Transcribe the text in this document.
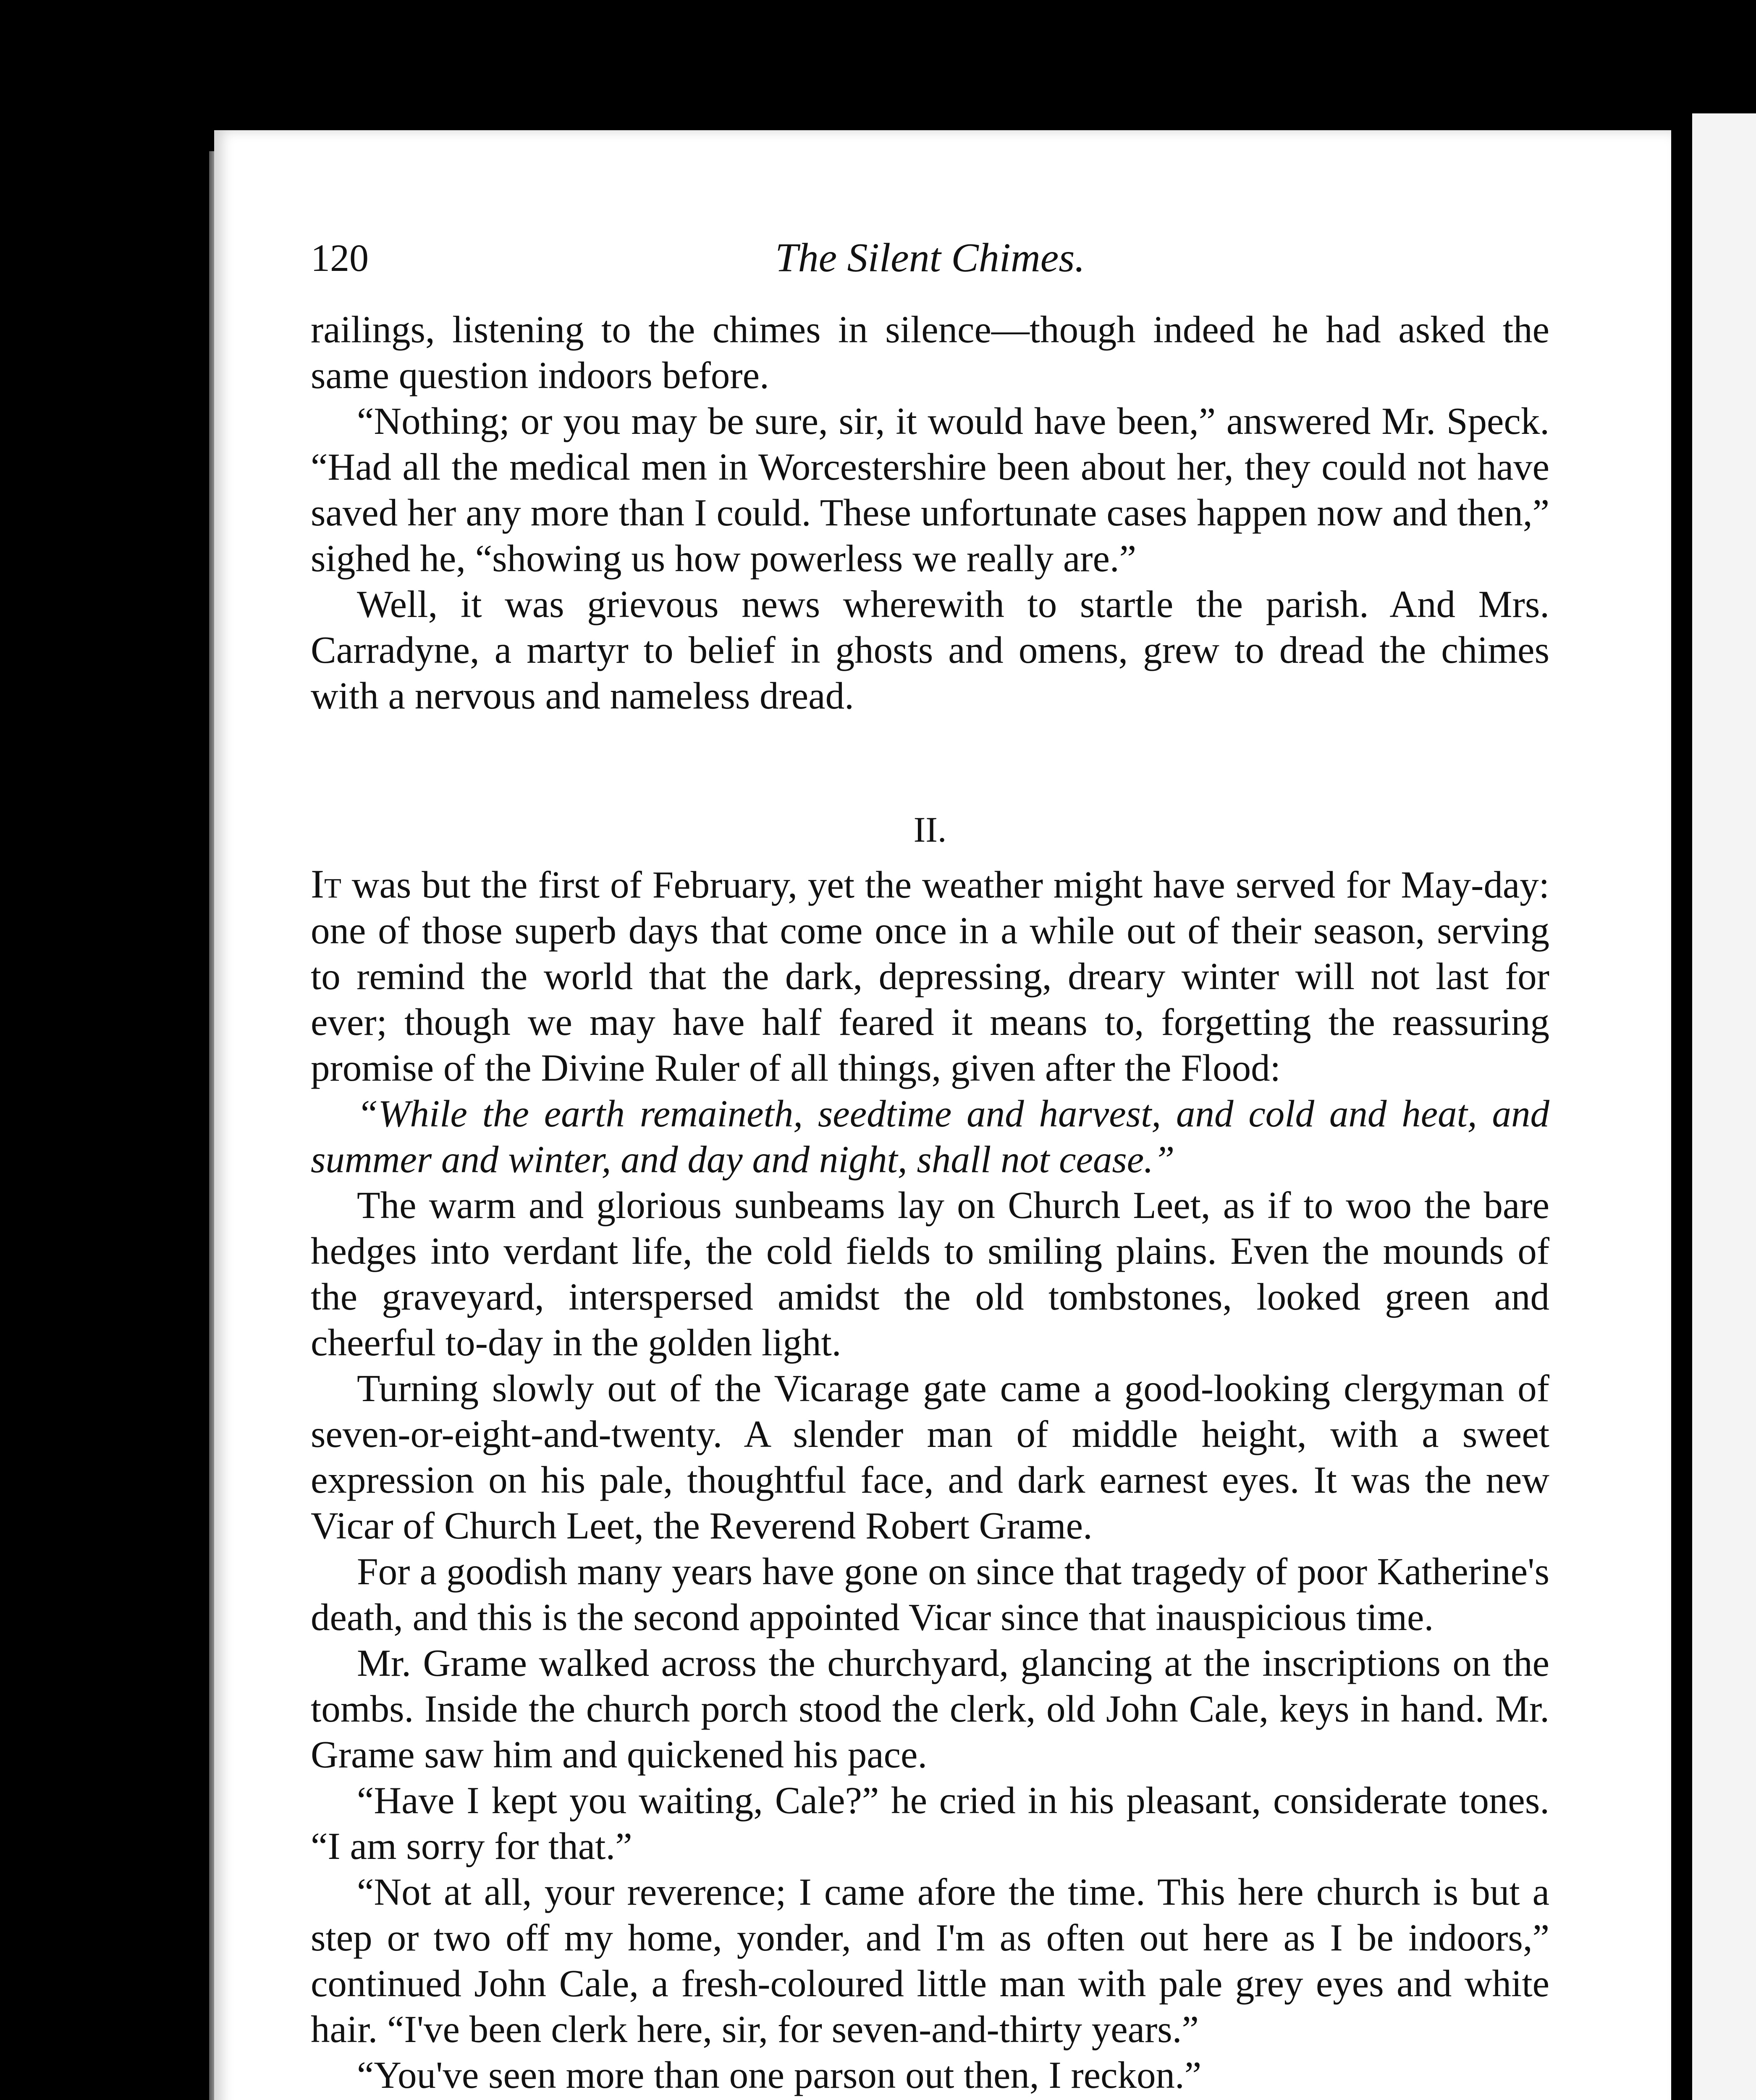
120	The Silent Chimes.

railings, listening to the chimes in silence—though indeed he had asked the same question indoors before.

“Nothing; or you may be sure, sir, it would have been,” answered Mr. Speck. “Had all the medical men in Worcestershire been about her, they could not have saved her any more than I could. These unfortunate cases happen now and then,” sighed he, “showing us how powerless we really are.”

Well, it was grievous news wherewith to startle the parish. And Mrs. Carradyne, a martyr to belief in ghosts and omens, grew to dread the chimes with a nervous and nameless dread.

II.

It was but the first of February, yet the weather might have served for May-day: one of those superb days that come once in a while out of their season, serving to remind the world that the dark, depressing, dreary winter will not last for ever; though we may have half feared it means to, forgetting the reassuring promise of the Divine Ruler of all things, given after the Flood:

“While the earth remaineth, seedtime and harvest, and cold and heat, and summer and winter, and day and night, shall not cease.”

The warm and glorious sunbeams lay on Church Leet, as if to woo the bare hedges into verdant life, the cold fields to smiling plains. Even the mounds of the graveyard, interspersed amidst the old tombstones, looked green and cheerful to-day in the golden light.

Turning slowly out of the Vicarage gate came a good-looking clergyman of seven-or-eight-and-twenty. A slender man of middle height, with a sweet expression on his pale, thoughtful face, and dark earnest eyes. It was the new Vicar of Church Leet, the Reverend Robert Grame.

For a goodish many years have gone on since that tragedy of poor Katherine's death, and this is the second appointed Vicar since that inauspicious time.

Mr. Grame walked across the churchyard, glancing at the inscriptions on the tombs. Inside the church porch stood the clerk, old John Cale, keys in hand. Mr. Grame saw him and quickened his pace.

“Have I kept you waiting, Cale?” he cried in his pleasant, considerate tones. “I am sorry for that.”

“Not at all, your reverence; I came afore the time. This here church is but a step or two off my home, yonder, and I'm as often out here as I be indoors,” continued John Cale, a fresh-coloured little man with pale grey eyes and white hair. “I've been clerk here, sir, for seven-and-thirty years.”

“You've seen more than one parson out then, I reckon.”
